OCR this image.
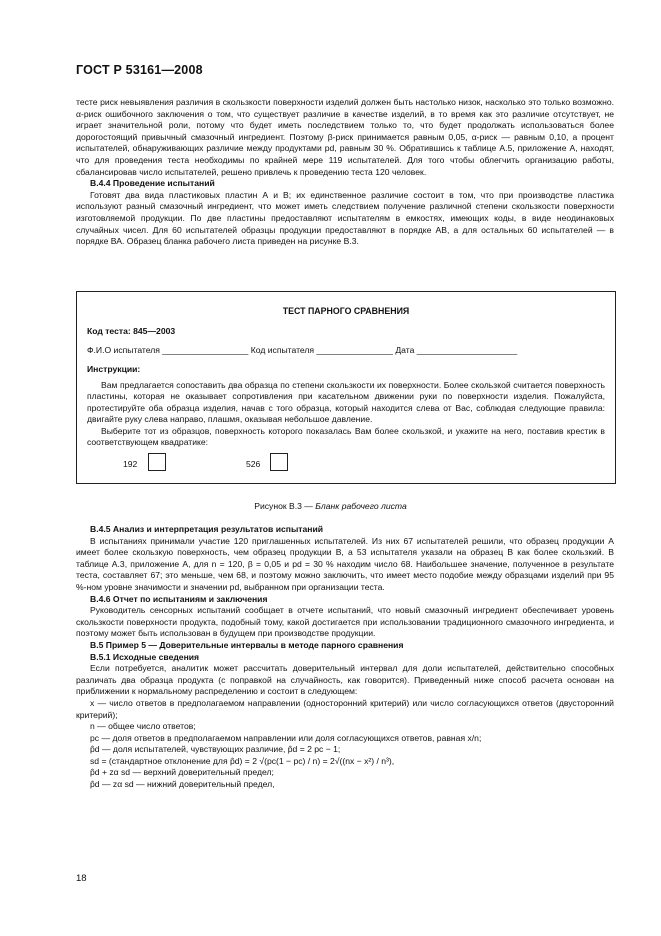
ГОСТ Р 53161—2008

тесте риск невыявления различия в скользкости поверхности изделий должен быть настолько низок, насколько это только возможно. α-риск ошибочного заключения о том, что существует различие в качестве изделий, в то время как это различие отсутствует, не играет значительной роли, потому что будет иметь последствием только то, что будет продолжать использоваться более дорогостоящий привычный смазочный ингредиент. Поэтому β-риск принимается равным 0,05, α-риск — равным 0,10, а процент испытателей, обнаруживающих различие между продуктами pd, равным 30 %. Обратившись к таблице А.5, приложение А, находят, что для проведения теста необходимы по крайней мере 119 испытателей. Для того чтобы облегчить организацию работы, сбалансировав число испытателей, решено привлечь к проведению теста 120 человек.

В.4.4 Проведение испытаний

Готовят два вида пластиковых пластин А и В; их единственное различие состоит в том, что при производстве пластика используют разный смазочный ингредиент, что может иметь следствием получение различной степени скользкости поверхности изготовляемой продукции. По две пластины предоставляют испытателям в емкостях, имеющих коды, в виде неодинаковых случайных чисел. Для 60 испытателей образцы продукции предоставляют в порядке АВ, а для остальных 60 испытателей — в порядке ВА. Образец бланка рабочего листа приведен на рисунке В.3.

ТЕСТ ПАРНОГО СРАВНЕНИЯ
Код теста: 845—2003
Ф.И.О испытателя __________________ Код испытателя ________________ Дата _____________________
Инструкции:

Вам предлагается сопоставить два образца по степени скользкости их поверхности. Более скользкой считается поверхность пластины, которая не оказывает сопротивления при касательном движении руки по поверхности изделия. Пожалуйста, протестируйте оба образца изделия, начав с того образца, который находится слева от Вас, соблюдая следующие правила: двигайте руку слева направо, плашмя, оказывая небольшое давление.

Выберите тот из образцов, поверхность которого показалась Вам более скользкой, и укажите на него, поставив крестик в соответствующем квадратике:

192	526
Рисунок В.3 — Бланк рабочего листа

В.4.5 Анализ и интерпретация результатов испытаний

В испытаниях принимали участие 120 приглашенных испытателей. Из них 67 испытателей решили, что образец продукции А имеет более скользкую поверхность, чем образец продукции В, а 53 испытателя указали на образец В как более скользкий. В таблице А.3, приложение А, для n = 120, β = 0,05 и pd = 30 % находим число 68. Наибольшее значение, полученное в результате теста, составляет 67; это меньше, чем 68, и поэтому можно заключить, что имеет место подобие между образцами изделий при 95 %-ном уровне значимости и значении pd, выбранном при организации теста.

В.4.6 Отчет по испытаниям и заключения

Руководитель сенсорных испытаний сообщает в отчете испытаний, что новый смазочный ингредиент обеспечивает уровень скользкости поверхности продукта, подобный тому, какой достигается при использовании традиционного смазочного ингредиента, и поэтому может быть использован в будущем при производстве продукции.

В.5 Пример 5 — Доверительные интервалы в методе парного сравнения

В.5.1 Исходные сведения

Если потребуется, аналитик может рассчитать доверительный интервал для доли испытателей, действительно способных различать два образца продукта (с поправкой на случайность, как говорится). Приведенный ниже способ расчета основан на приближении к нормальному распределению и состоит в следующем:

x — число ответов в предполагаемом направлении (односторонний критерий) или число согласующихся ответов (двусторонний критерий);

n — общее число ответов;

pc — доля ответов в предполагаемом направлении или доля согласующихся ответов, равная x/n;

p̂d — доля испытателей, чувствующих различие, p̂d = 2 pc − 1;

sd = (стандартное отклонение для p̂d) = 2 √(pc(1 − pc) / n) = 2√((nx − x²) / n³),

p̂d + zα sd — верхний доверительный предел;

p̂d — zα sd — нижний доверительный предел,

18
